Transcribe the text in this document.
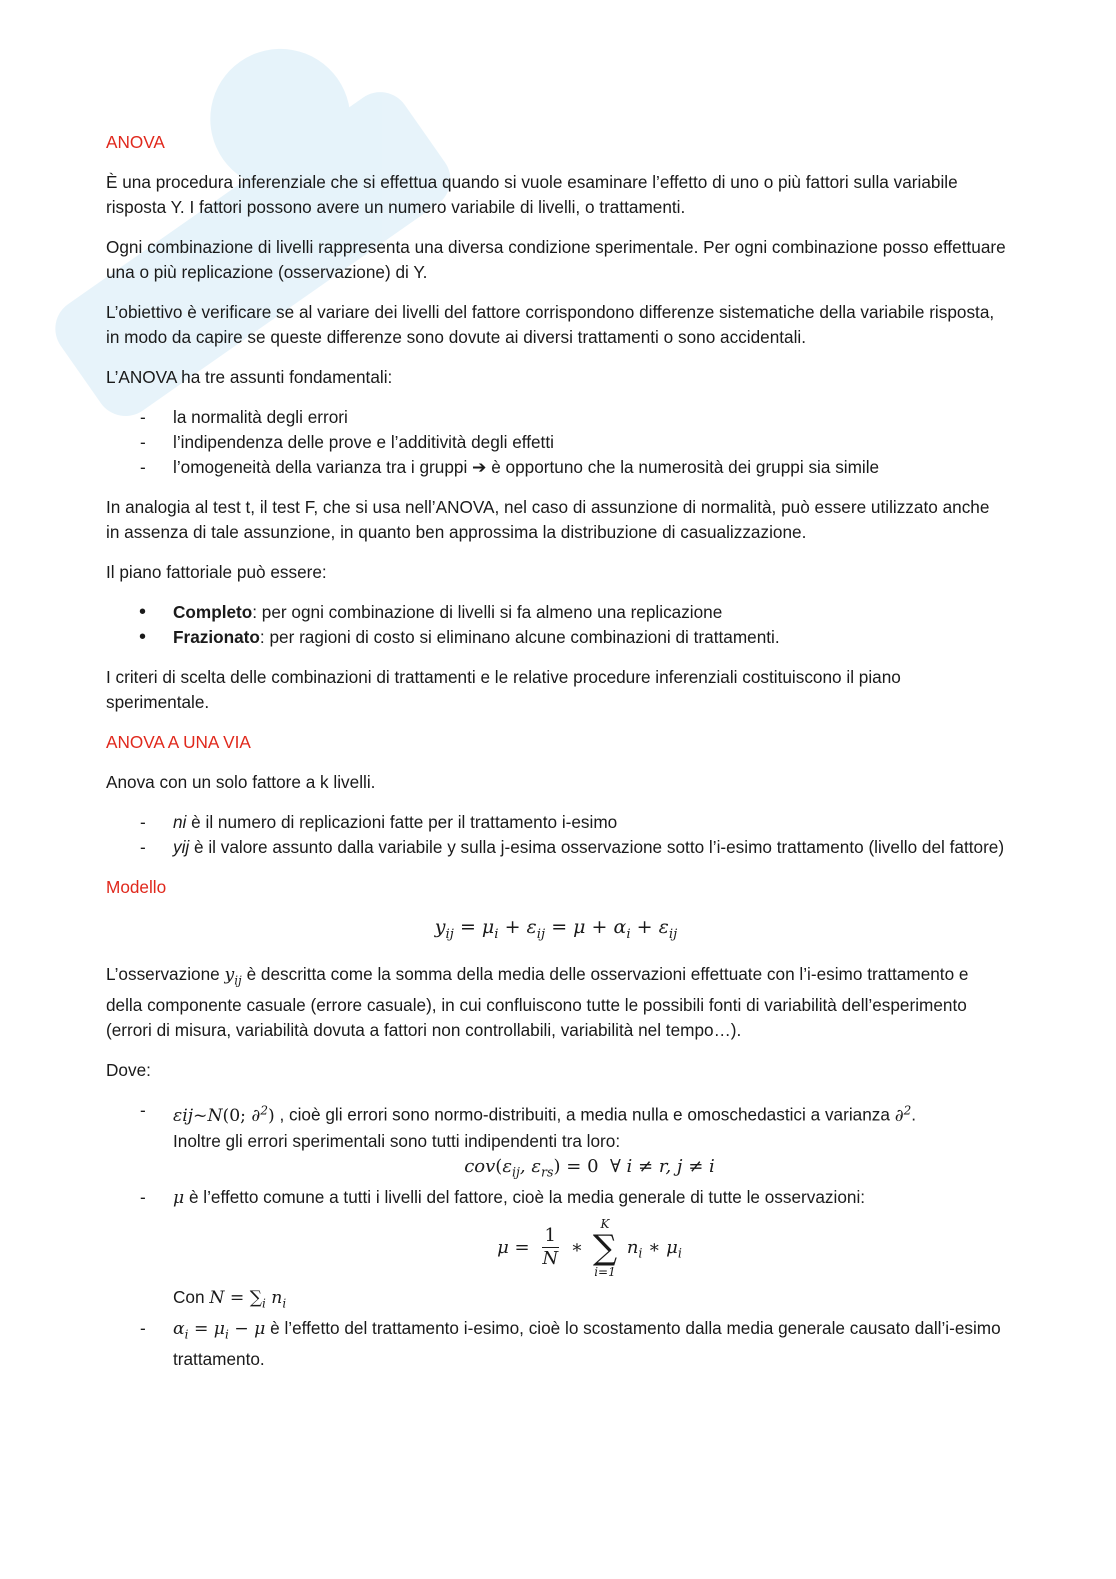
ANOVA

È una procedura inferenziale che si effettua quando si vuole esaminare l’effetto di uno o più fattori sulla variabile risposta Y. I fattori possono avere un numero variabile di livelli, o trattamenti.

Ogni combinazione di livelli rappresenta una diversa condizione sperimentale. Per ogni combinazione posso effettuare una o più replicazione (osservazione) di Y.

L’obiettivo è verificare se al variare dei livelli del fattore corrispondono differenze sistematiche della variabile risposta, in modo da capire se queste differenze sono dovute ai diversi trattamenti o sono accidentali.

L’ANOVA ha tre assunti fondamentali:

- la normalità degli errori
- l’indipendenza delle prove e l’additività degli effetti
- l’omogeneità della varianza tra i gruppi ➔ è opportuno che la numerosità dei gruppi sia simile

In analogia al test t, il test F, che si usa nell’ANOVA, nel caso di assunzione di normalità, può essere utilizzato anche in assenza di tale assunzione, in quanto ben approssima la distribuzione di casualizzazione.

Il piano fattoriale può essere:

• Completo: per ogni combinazione di livelli si fa almeno una replicazione
• Frazionato: per ragioni di costo si eliminano alcune combinazioni di trattamenti.

I criteri di scelta delle combinazioni di trattamenti e le relative procedure inferenziali costituiscono il piano sperimentale.

ANOVA A UNA VIA

Anova con un solo fattore a k livelli.

- ni è il numero di replicazioni fatte per il trattamento i-esimo
- yij è il valore assunto dalla variabile y sulla j-esima osservazione sotto l’i-esimo trattamento (livello del fattore)
Modello
$y_{ij} = \mu_i + \varepsilon_{ij} = \mu + \alpha_i + \varepsilon_{ij}$

L’osservazione $y_{ij}$ è descritta come la somma della media delle osservazioni effettuate con l’i-esimo trattamento e della componente casuale (errore casuale), in cui confluiscono tutte le possibili fonti di variabilità dell’esperimento (errori di misura, variabilità dovuta a fattori non controllabili, variabilità nel tempo…).

Dove:

- εij~N(0; ∂$^2$) , cioè gli errori sono normo-distribuiti, a media nulla e omoschedastici a varianza ∂$^2$.
Inoltre gli errori sperimentali sono tutti indipendenti tra loro:
$cov(\varepsilon_{ij}$, $\varepsilon_{rs}) = 0$  ∀ i ≠ r, j ≠ i
- μ è l’effetto comune a tutti i livelli del fattore, cioè la media generale di tutte le osservazioni:
$\mu = \frac{1}{N}$ ∗
K
∑
i=1
$n_i$ ∗ $\mu_i$
Con $N = \sum_i$ $n_i$
- $\alpha_i = \mu_i - \mu$ è l’effetto del trattamento i-esimo, cioè lo scostamento dalla media generale causato dall’i-esimo trattamento.
